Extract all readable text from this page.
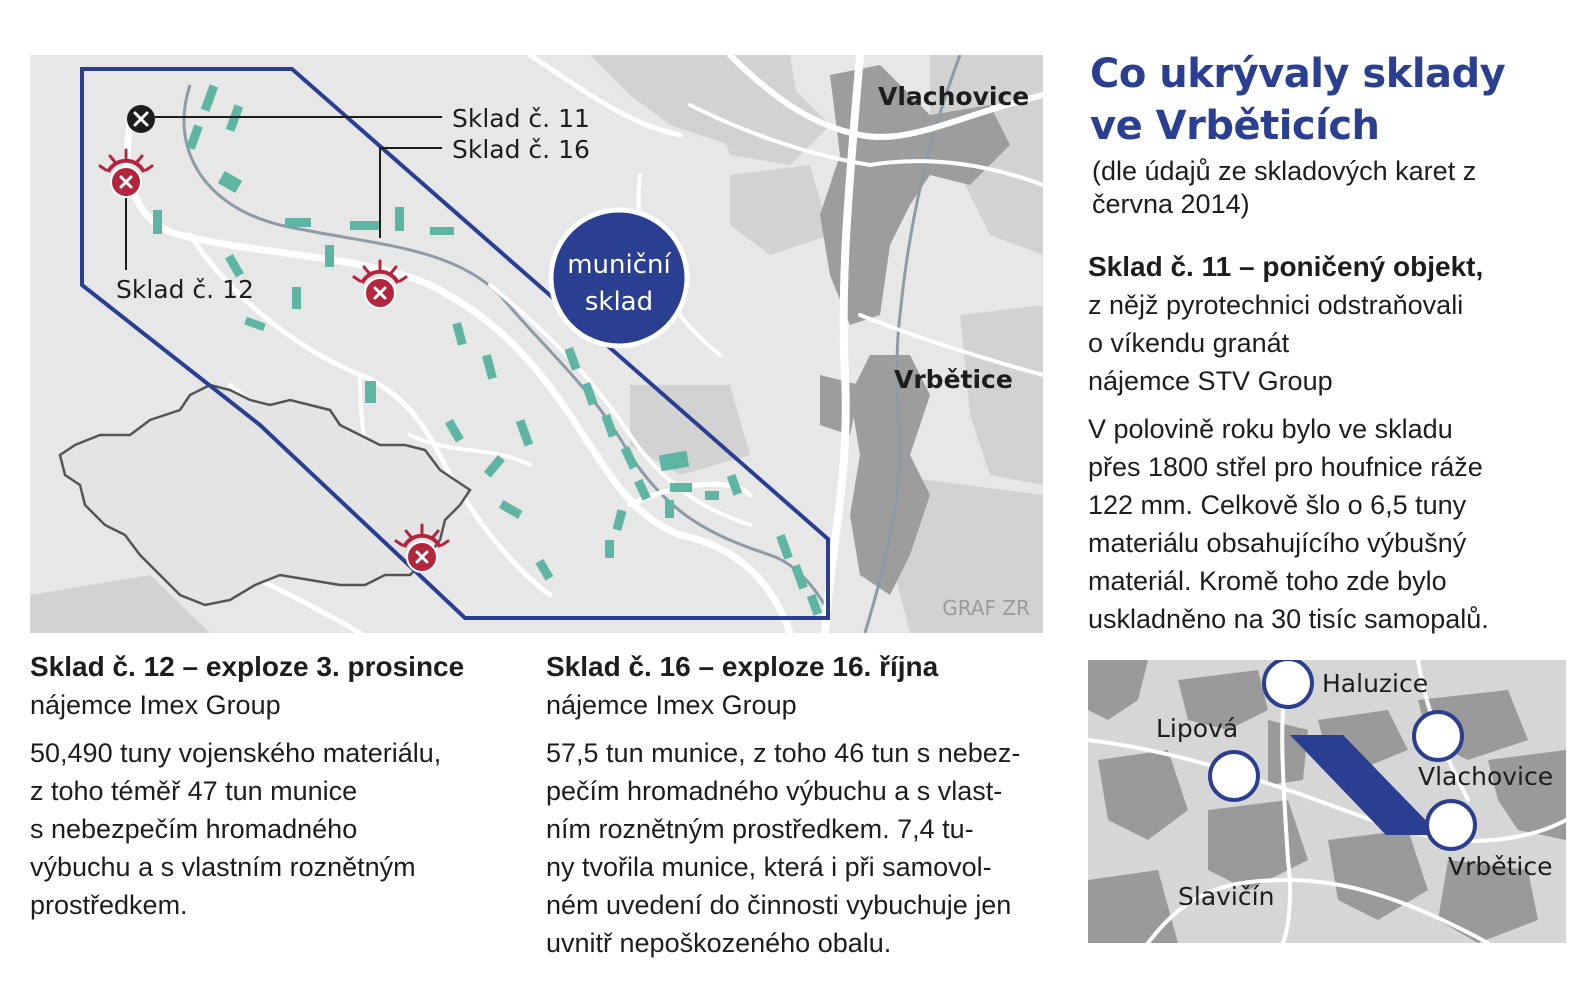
muniční
sklad
Sklad č. 11
Sklad č. 16
Sklad č. 12
Vlachovice
Vrbětice
GRAF ZR
Co ukrývaly sklady ve Vrběticích

(dle údajů ze skladových karet z června 2014)

Sklad č. 11 – poničený objekt,

z nějž pyrotechnici odstraňovali

o víkendu granát

nájemce STV Group

V polovině roku bylo ve skladu

přes 1800 střel pro houfnice ráže

122 mm. Celkově šlo o 6,5 tuny

materiálu obsahujícího výbušný

materiál. Kromě toho zde bylo

uskladněno na 30 tisíc samopalů.

Sklad č. 12 – exploze 3. prosince

nájemce Imex Group

50,490 tuny vojenského materiálu,

z toho téměř 47 tun munice

s nebezpečím hromadného

výbuchu a s vlastním roznětným

prostředkem.

Sklad č. 16 – exploze 16. října

nájemce Imex Group

57,5 tun munice, z toho 46 tun s nebez-

pečím hromadného výbuchu a s vlast-

ním roznětným prostředkem. 7,4 tu-

ny tvořila munice, která i při samovol-

ném uvedení do činnosti vybuchuje jen

uvnitř nepoškozeného obalu.

Haluzice
Lipová
Vlachovice
Vrbětice
Slavičín
